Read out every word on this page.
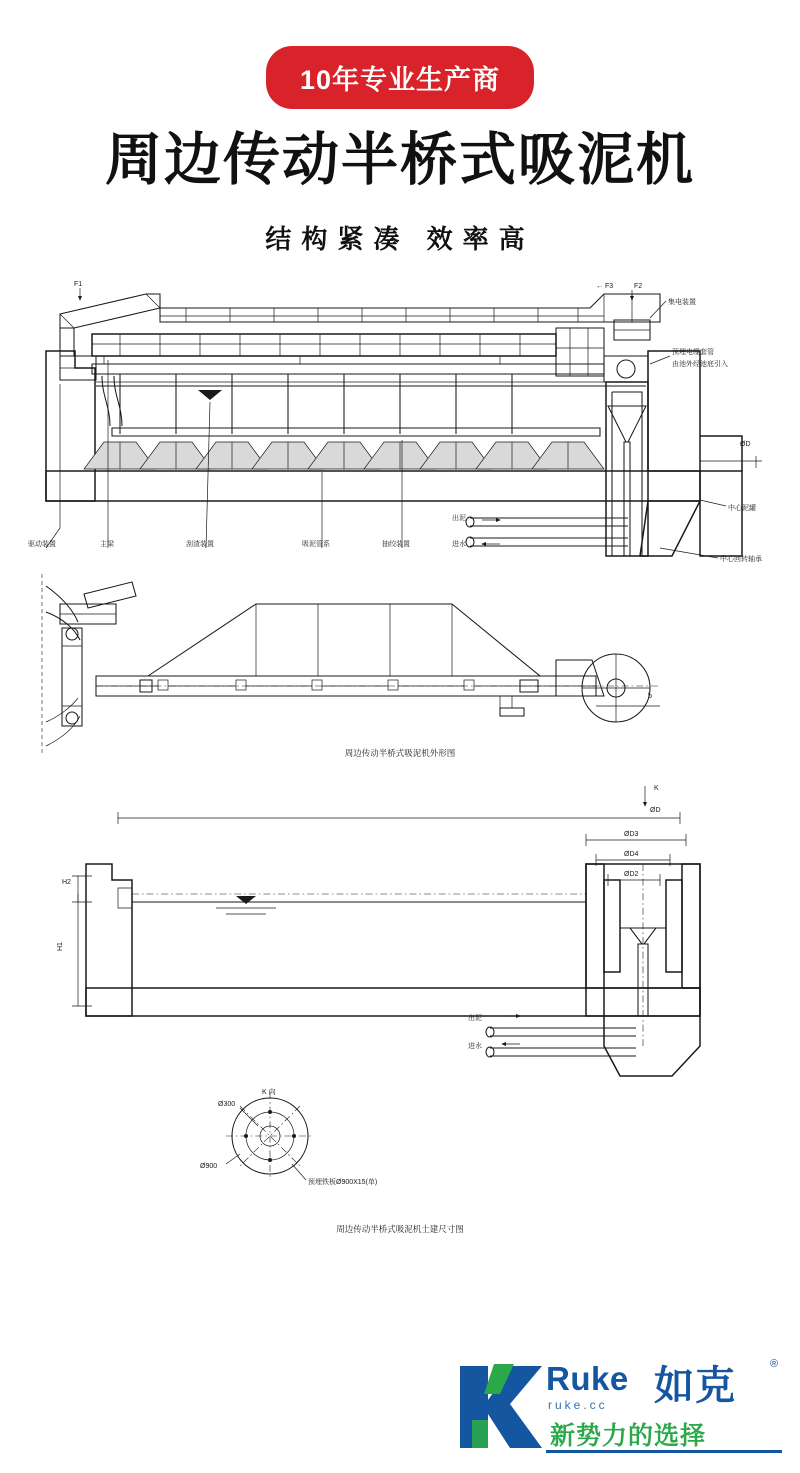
10年专业生产商
周边传动半桥式吸泥机
结构紧凑 效率高
F1	← F3	F2
集电装置
预埋电缆套管
由池外经池底引入
ØD
中心泥罐
中心回转轴承
出泥
进水
驱动装置	主梁	刮渣装置	吸泥管系	抽绞装置
b
周边传动半桥式吸泥机外形图
K
ØD
ØD3
ØD4
ØD2
H2
H1
出泥
进水
K 向
Ø300
Ø900
预埋铁板Ø900X15(单)
周边传动半桥式吸泥机土建尺寸图
Ruke 如克	®
ruke.cc
新势力的选择
